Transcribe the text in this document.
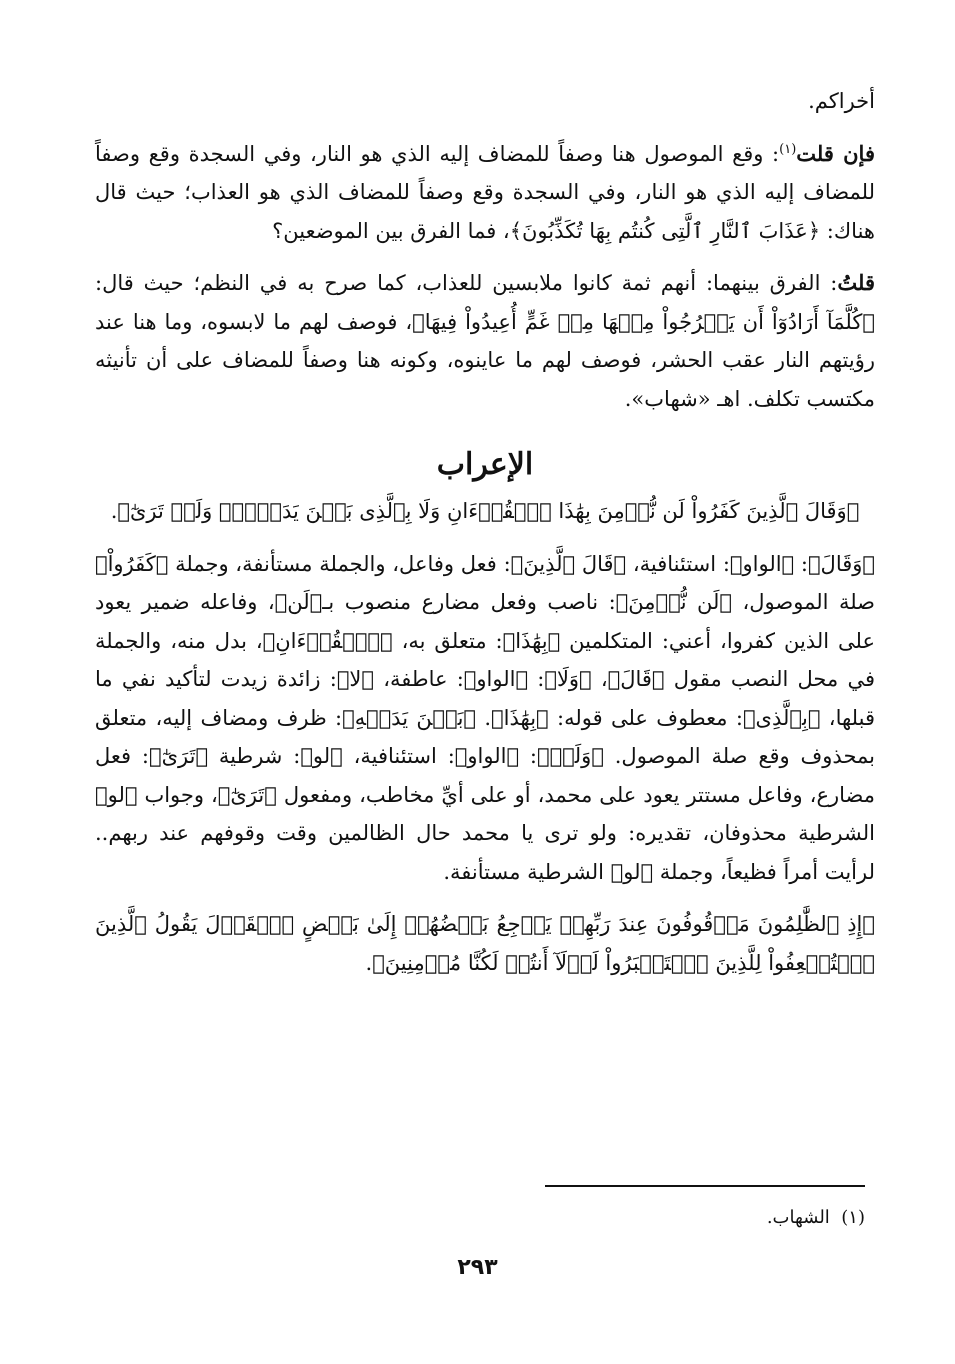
أخراكم.

فإن قلت$^{(١)}$: وقع الموصول هنا وصفاً للمضاف إليه الذي هو النار، وفي السجدة وقع وصفاً للمضاف إليه الذي هو النار، وفي السجدة وقع وصفاً للمضاف الذي هو العذاب؛ حيث قال هناك: ﴿عَذَابَ ٱلنَّارِ ٱلَّتِى كُنتُم بِهَا تُكَذِّبُونَ﴾، فما الفرق بين الموضعين؟

قلتُ: الفرق بينهما: أنهم ثمة كانوا ملابسين للعذاب، كما صرح به في النظم؛ حيث قال: ﴿كُلَّمَآ أَرَادُوٓاْ أَن يَخۡرُجُواْ مِنۡهَا مِنۡ غَمٍّ أُعِيدُواْ فِيهَا﴾، فوصف لهم ما لابسوه، وما هنا عند رؤيتهم النار عقب الحشر، فوصف لهم ما عاينوه، وكونه هنا وصفاً للمضاف على أن تأنيثه مكتسب تكلف. اهـ «شهاب».

الإعراب

﴿وَقَالَ ٱلَّذِينَ كَفَرُواْ لَن نُّؤۡمِنَ بِهَٰذَا ٱلۡقُرۡءَانِ وَلَا بِٱلَّذِى بَيۡنَ يَدَيۡهِۗ وَلَوۡ تَرَىٰٓ﴾.

﴿وَقَالَ﴾: ﴿الواو﴾: استئنافية، ﴿قَالَ ٱلَّذِينَ﴾: فعل وفاعل، والجملة مستأنفة، وجملة ﴿كَفَرُواْ﴾ صلة الموصول، ﴿لَن نُّؤۡمِنَ﴾: ناصب وفعل مضارع منصوب بـ﴿لَن﴾، وفاعله ضمير يعود على الذين كفروا، أعني: المتكلمين ﴿بِهَٰذَا﴾: متعلق به، ﴿ٱلۡقُرۡءَانِ﴾، بدل منه، والجملة في محل النصب مقول ﴿قَالَ﴾، ﴿وَلَا﴾: ﴿الواو﴾: عاطفة، ﴿لا﴾: زائدة زيدت لتأكيد نفي ما قبلها، ﴿بِٱلَّذِى﴾: معطوف على قوله: ﴿بِهَٰذَا﴾. ﴿بَيۡنَ يَدَيۡهِ﴾: ظرف ومضاف إليه، متعلق بمحذوف وقع صلة الموصول. ﴿وَلَوۡ﴾: ﴿الواو﴾: استئنافية، ﴿لو﴾: شرطية ﴿تَرَىٰٓ﴾: فعل مضارع، وفاعل مستتر يعود على محمد، أو على أيِّ مخاطب، ومفعول ﴿تَرَىٰٓ﴾، وجواب ﴿لو﴾ الشرطية محذوفان، تقديره: ولو ترى يا محمد حال الظالمين وقت وقوفهم عند ربهم.. لرأيت أمراً فظيعاً، وجملة ﴿لو﴾ الشرطية مستأنفة.

﴿إِذِ ٱلظَّٰلِمُونَ مَوۡقُوفُونَ عِندَ رَبِّهِمۡ يَرۡجِعُ بَعۡضُهُمۡ إِلَىٰ بَعۡضٍ ٱلۡقَوۡلَ يَقُولُ ٱلَّذِينَ ٱسۡتُضۡعِفُواْ لِلَّذِينَ ٱسۡتَكۡبَرُواْ لَوۡلَآ أَنتُمۡ لَكُنَّا مُؤۡمِنِينَ﴾.

(١)  الشهاب.
٢٩٣
